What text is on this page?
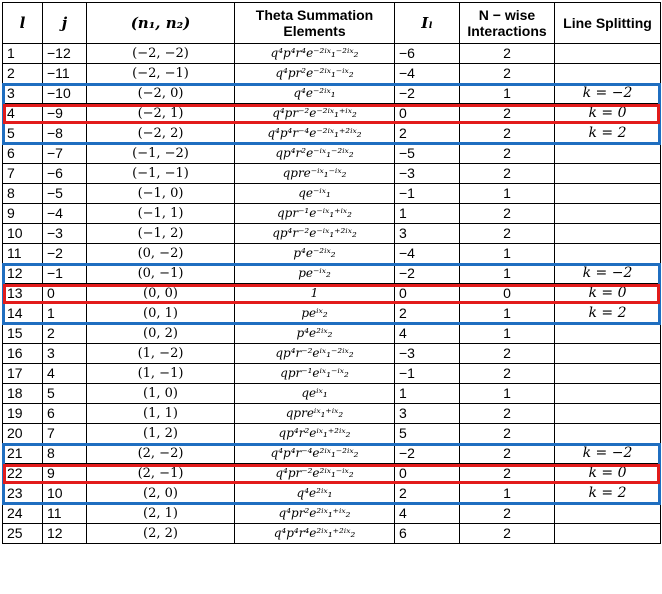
l	j	(n₁, n₂)	Theta Summation Elements	Iₗ	N − wise Interactions	Line Splitting
1	−12	(−2, −2)	q⁴p⁴r⁴e⁻²ⁱˣ₁⁻²ⁱˣ₂	−6	2	
2	−11	(−2, −1)	q⁴pr²e⁻²ⁱˣ₁⁻ⁱˣ₂	−4	2	
3	−10	(−2, 0)	q⁴e⁻²ⁱˣ₁	−2	1	k = −2
4	−9	(−2, 1)	q⁴pr⁻²e⁻²ⁱˣ₁⁺ⁱˣ₂	0	2	k = 0
5	−8	(−2, 2)	q⁴p⁴r⁻⁴e⁻²ⁱˣ₁⁺²ⁱˣ₂	2	2	k = 2
6	−7	(−1, −2)	qp⁴r²e⁻ⁱˣ₁⁻²ⁱˣ₂	−5	2	
7	−6	(−1, −1)	qpre⁻ⁱˣ₁⁻ⁱˣ₂	−3	2	
8	−5	(−1, 0)	qe⁻ⁱˣ₁	−1	1	
9	−4	(−1, 1)	qpr⁻¹e⁻ⁱˣ₁⁺ⁱˣ₂	1	2	
10	−3	(−1, 2)	qp⁴r⁻²e⁻ⁱˣ₁⁺²ⁱˣ₂	3	2	
11	−2	(0, −2)	p⁴e⁻²ⁱˣ₂	−4	1	
12	−1	(0, −1)	pe⁻ⁱˣ₂	−2	1	k = −2
13	0	(0, 0)	1	0	0	k = 0
14	1	(0, 1)	peⁱˣ₂	2	1	k = 2
15	2	(0, 2)	p⁴e²ⁱˣ₂	4	1	
16	3	(1, −2)	qp⁴r⁻²eⁱˣ₁⁻²ⁱˣ₂	−3	2	
17	4	(1, −1)	qpr⁻¹eⁱˣ₁⁻ⁱˣ₂	−1	2	
18	5	(1, 0)	qeⁱˣ₁	1	1	
19	6	(1, 1)	qpreⁱˣ₁⁺ⁱˣ₂	3	2	
20	7	(1, 2)	qp⁴r²eⁱˣ₁⁺²ⁱˣ₂	5	2	
21	8	(2, −2)	q⁴p⁴r⁻⁴e²ⁱˣ₁⁻²ⁱˣ₂	−2	2	k = −2
22	9	(2, −1)	q⁴pr⁻²e²ⁱˣ₁⁻ⁱˣ₂	0	2	k = 0
23	10	(2, 0)	q⁴e²ⁱˣ₁	2	1	k = 2
24	11	(2, 1)	q⁴pr²e²ⁱˣ₁⁺ⁱˣ₂	4	2	
25	12	(2, 2)	q⁴p⁴r⁴e²ⁱˣ₁⁺²ⁱˣ₂	6	2	
